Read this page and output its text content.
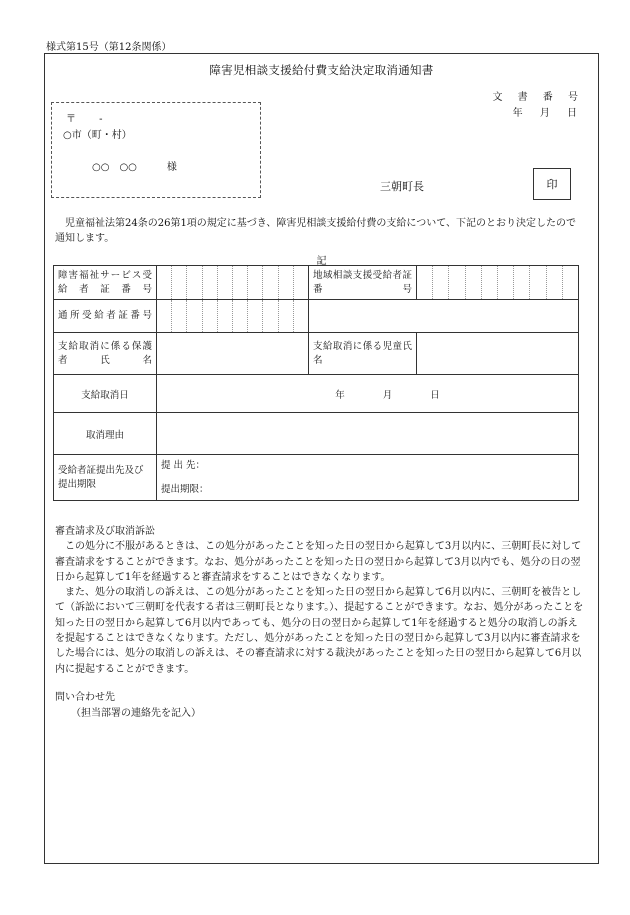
様式第15号（第12条関係）
障害児相談支援給付費支給決定取消通知書
文 書 番 号
年 月 日
〒　　 -
○市（町・村）
○○　○○　　　様
三朝町長	印
児童福祉法第24条の26第1項の規定に基づき、障害児相談支援給付費の支給について、下記のとおり決定したので通知します。
記
障害福祉サービス受給者証番号		地域相談支援受給者証番号	

通所受給者証番号		

支給取消に係る保護者氏名		支給取消に係る児童氏名	
支給取消日	年 月 日		

取消理由			
受給者証提出先及び提出期限	提 出 先：
提出期限：		

審査請求及び取消訴訟

この処分に不服があるときは、この処分があったことを知った日の翌日から起算して3月以内に、三朝町長に対して審査請求をすることができます。なお、処分があったことを知った日の翌日から起算して3月以内でも、処分の日の翌日から起算して1年を経過すると審査請求をすることはできなくなります。

また、処分の取消しの訴えは、この処分があったことを知った日の翌日から起算して6月以内に、三朝町を被告として（訴訟において三朝町を代表する者は三朝町長となります。）、提起することができます。なお、処分があったことを知った日の翌日から起算して6月以内であっても、処分の日の翌日から起算して1年を経過すると処分の取消しの訴えを提起することはできなくなります。ただし、処分があったことを知った日の翌日から起算して3月以内に審査請求をした場合には、処分の取消しの訴えは、その審査請求に対する裁決があったことを知った日の翌日から起算して6月以内に提起することができます。

問い合わせ先
（担当部署の連絡先を記入）
